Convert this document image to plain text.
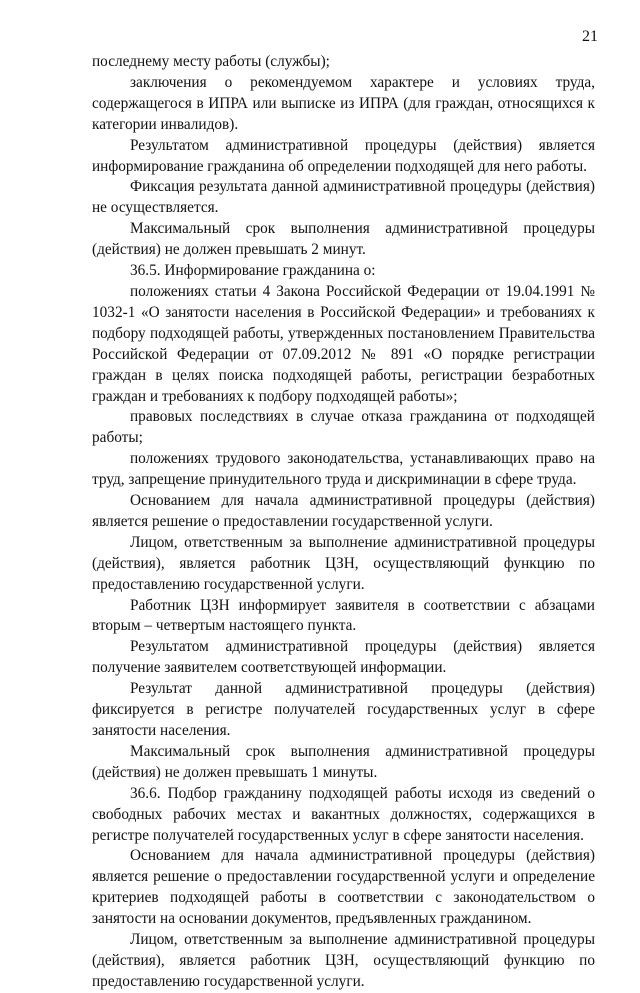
21

последнему месту работы (службы);

заключения о рекомендуемом характере и условиях труда, содержащегося в ИПРА или выписке из ИПРА (для граждан, относящихся к категории инвалидов).

Результатом административной процедуры (действия) является информирование гражданина об определении подходящей для него работы.

Фиксация результата данной административной процедуры (действия) не осуществляется.

Максимальный срок выполнения административной процедуры (действия) не должен превышать 2 минут.

36.5. Информирование гражданина о:

положениях статьи 4 Закона Российской Федерации от 19.04.1991 № 1032-1 «О занятости населения в Российской Федерации» и требованиях к подбору подходящей работы, утвержденных постановлением Правительства Российской Федерации от 07.09.2012 № 891 «О порядке регистрации граждан в целях поиска подходящей работы, регистрации безработных граждан и требованиях к подбору подходящей работы»;

правовых последствиях в случае отказа гражданина от подходящей работы;

положениях трудового законодательства, устанавливающих право на труд, запрещение принудительного труда и дискриминации в сфере труда.

Основанием для начала административной процедуры (действия) является решение о предоставлении государственной услуги.

Лицом, ответственным за выполнение административной процедуры (действия), является работник ЦЗН, осуществляющий функцию по предоставлению государственной услуги.

Работник ЦЗН информирует заявителя в соответствии с абзацами вторым – четвертым настоящего пункта.

Результатом административной процедуры (действия) является получение заявителем соответствующей информации.

Результат данной административной процедуры (действия) фиксируется в регистре получателей государственных услуг в сфере занятости населения.

Максимальный срок выполнения административной процедуры (действия) не должен превышать 1 минуты.

36.6. Подбор гражданину подходящей работы исходя из сведений о свободных рабочих местах и вакантных должностях, содержащихся в регистре получателей государственных услуг в сфере занятости населения.

Основанием для начала административной процедуры (действия) является решение о предоставлении государственной услуги и определение критериев подходящей работы в соответствии с законодательством о занятости на основании документов, предъявленных гражданином.

Лицом, ответственным за выполнение административной процедуры (действия), является работник ЦЗН, осуществляющий функцию по предоставлению государственной услуги.
